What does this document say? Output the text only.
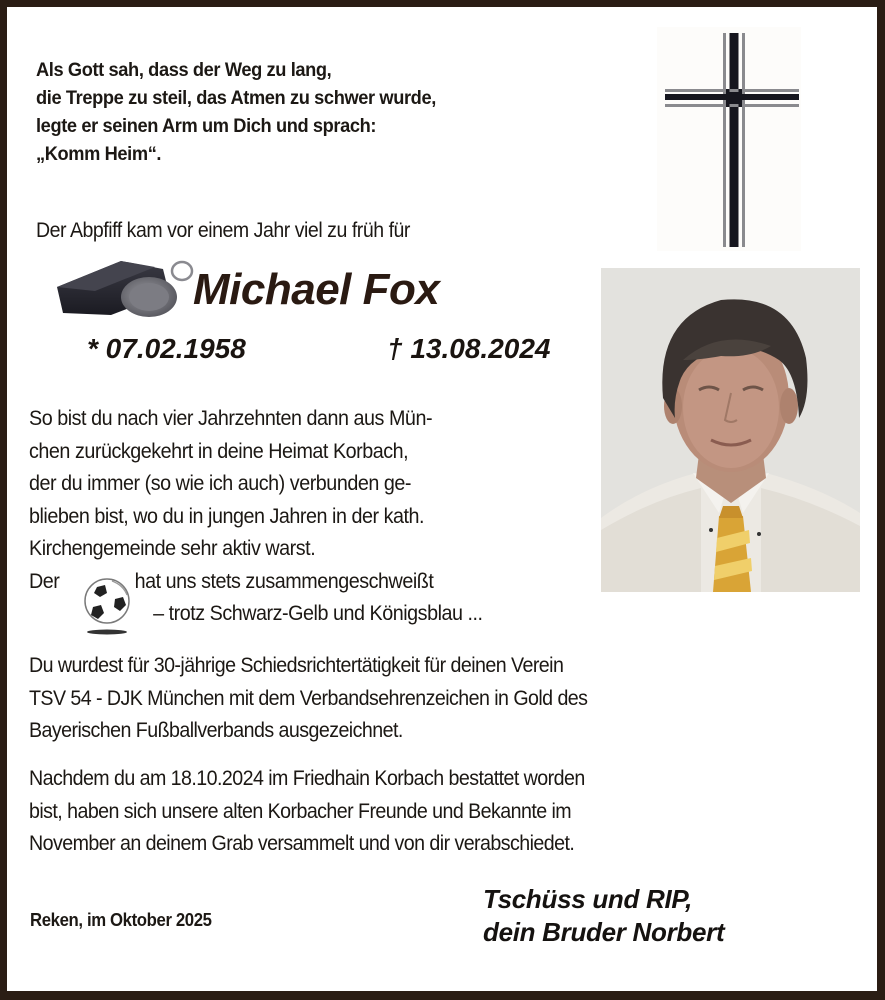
Als Gott sah, dass der Weg zu lang,
die Treppe zu steil, das Atmen zu schwer wurde,
legte er seinen Arm um Dich und sprach:
„Komm Heim“.
Der Abpfiff kam vor einem Jahr viel zu früh für
Michael Fox
* 07.02.1958	† 13.08.2024
So bist du nach vier Jahrzehnten dann aus Mün-
chen zurückgekehrt in deine Heimat Korbach,
der du immer (so wie ich auch) verbunden ge-
blieben bist, wo du in jungen Jahren in der kath.
Kirchengemeinde sehr aktiv warst.
Der	hat uns stets zusammengeschweißt
– trotz Schwarz-Gelb und Königsblau ...
Du wurdest für 30-jährige Schiedsrichtertätigkeit für deinen Verein
TSV 54 - DJK München mit dem Verbandsehrenzeichen in Gold des
Bayerischen Fußballverbands ausgezeichnet.
Nachdem du am 18.10.2024 im Friedhain Korbach bestattet worden
bist, haben sich unsere alten Korbacher Freunde und Bekannte im
November an deinem Grab versammelt und von dir verabschiedet.
Reken, im Oktober 2025
Tschüss und RIP,
dein Bruder Norbert
